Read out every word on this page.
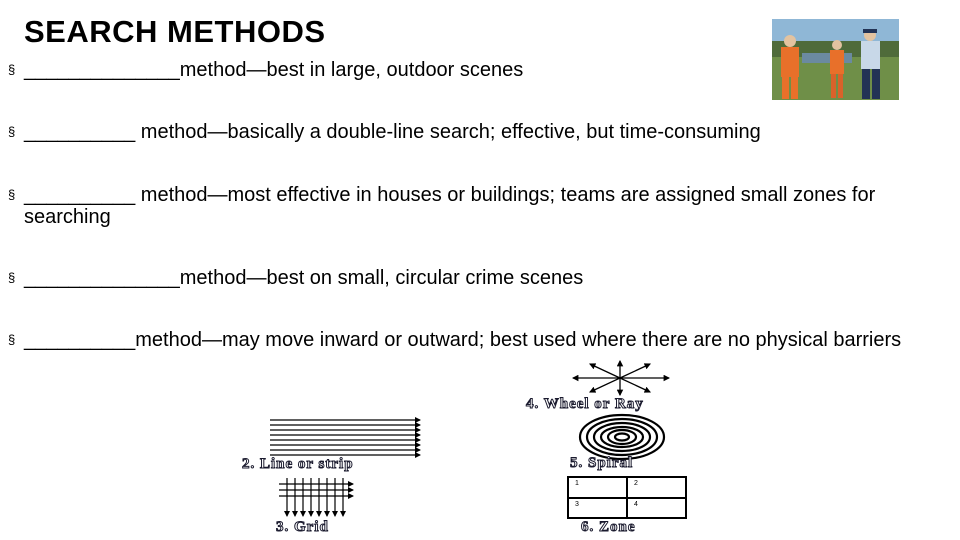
SEARCH METHODS
§ ______________method—best in large, outdoor scenes
§ __________ method—basically a double-line search; effective, but time-consuming
§ __________ method—most effective in houses or buildings; teams are assigned small zones for searching
§ ______________method—best on small, circular crime scenes
§ __________method—may move inward or outward; best used where there are no physical barriers
4. Wheel or Ray
2. Line or strip	5. Spiral
3. Grid
1	2
3	4
6. Zone
